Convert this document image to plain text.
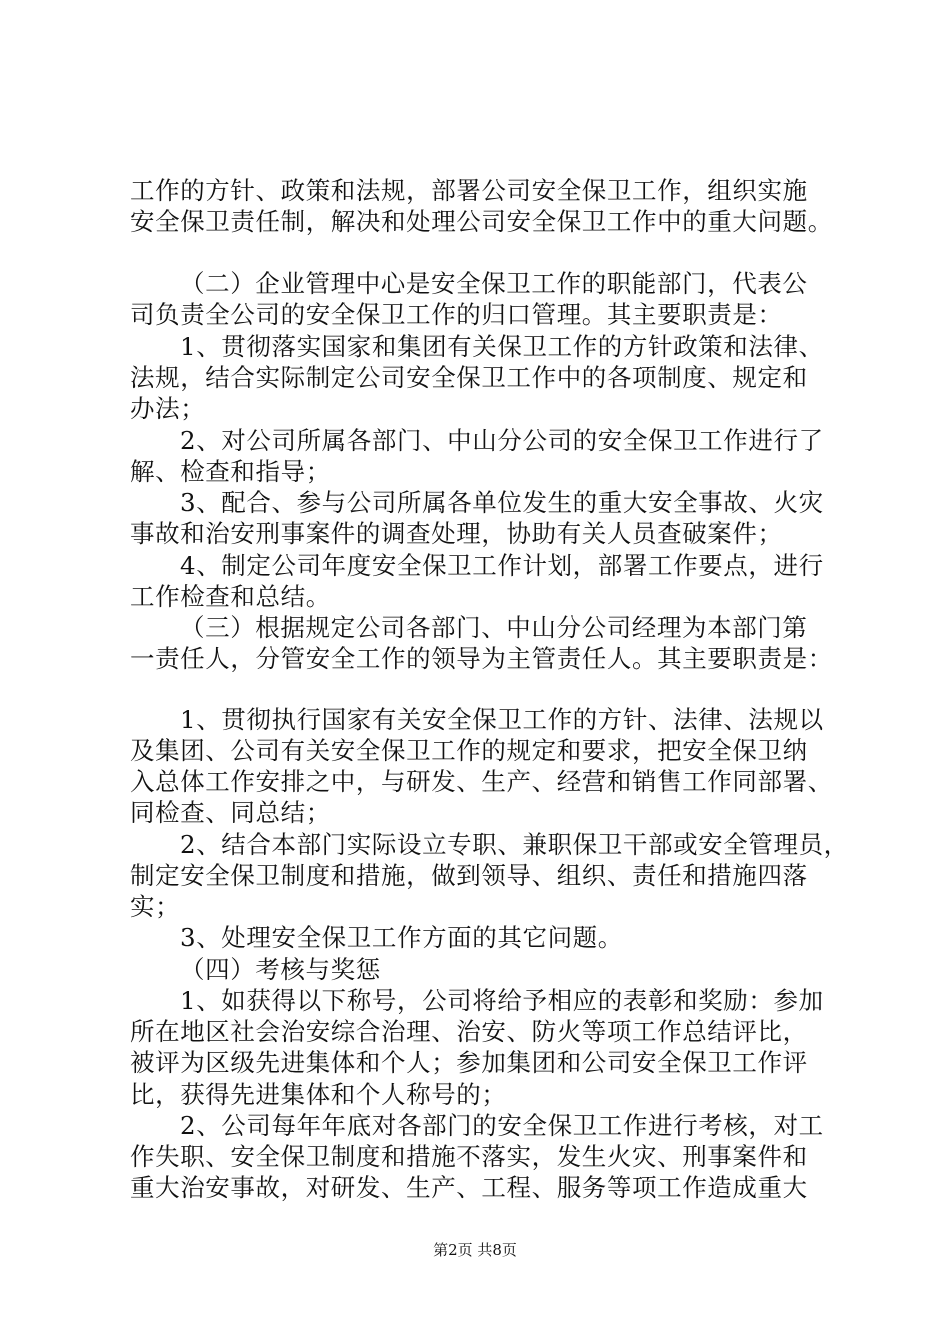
工作的方针、政策和法规，部署公司安全保卫工作，组织实施
安全保卫责任制，解决和处理公司安全保卫工作中的重大问题。
（二）企业管理中心是安全保卫工作的职能部门，代表公
司负责全公司的安全保卫工作的归口管理。其主要职责是：
1、贯彻落实国家和集团有关保卫工作的方针政策和法律、
法规，结合实际制定公司安全保卫工作中的各项制度、规定和
办法；
2、对公司所属各部门、中山分公司的安全保卫工作进行了
解、检查和指导；
3、配合、参与公司所属各单位发生的重大安全事故、火灾
事故和治安刑事案件的调查处理，协助有关人员查破案件；
4、制定公司年度安全保卫工作计划，部署工作要点，进行
工作检查和总结。
（三）根据规定公司各部门、中山分公司经理为本部门第
一责任人，分管安全工作的领导为主管责任人。其主要职责是：
1、贯彻执行国家有关安全保卫工作的方针、法律、法规以
及集团、公司有关安全保卫工作的规定和要求，把安全保卫纳
入总体工作安排之中，与研发、生产、经营和销售工作同部署、
同检查、同总结；
2、结合本部门实际设立专职、兼职保卫干部或安全管理员，
制定安全保卫制度和措施，做到领导、组织、责任和措施四落
实；
3、处理安全保卫工作方面的其它问题。
（四）考核与奖惩
1、如获得以下称号，公司将给予相应的表彰和奖励：参加
所在地区社会治安综合治理、治安、防火等项工作总结评比，
被评为区级先进集体和个人；参加集团和公司安全保卫工作评
比，获得先进集体和个人称号的；
2、公司每年年底对各部门的安全保卫工作进行考核，对工
作失职、安全保卫制度和措施不落实，发生火灾、刑事案件和
重大治安事故，对研发、生产、工程、服务等项工作造成重大
第2页 共8页
